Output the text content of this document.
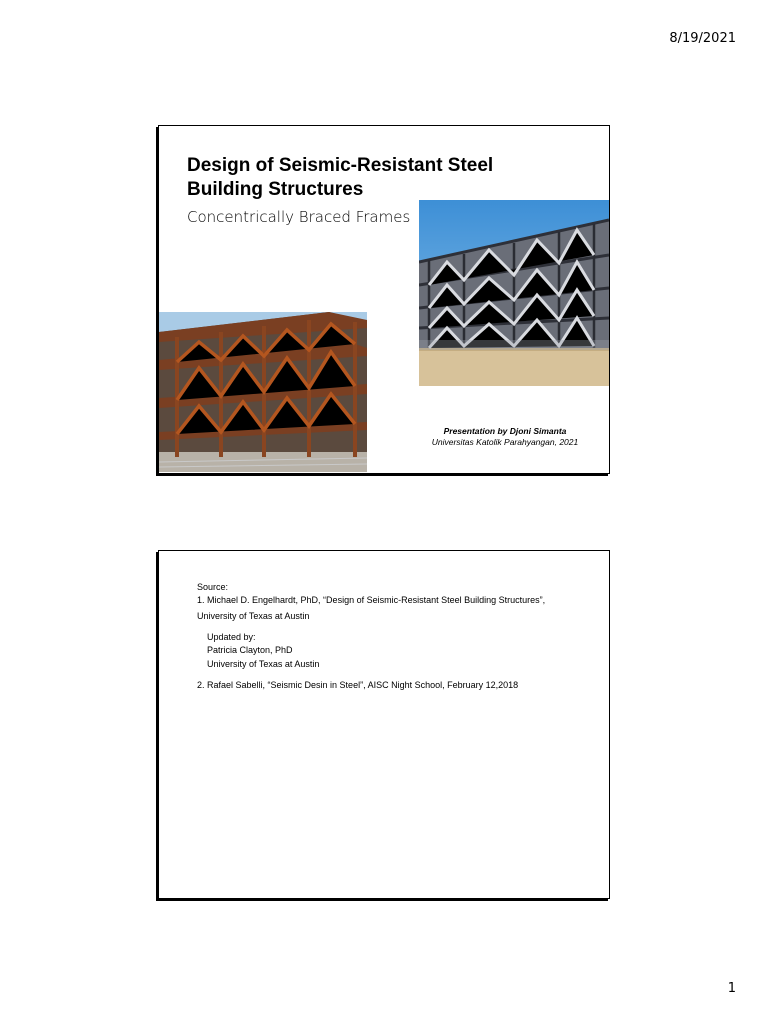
8/19/2021
Design of Seismic-Resistant Steel
Building Structures
Concentrically Braced Frames
Presentation by Djoni Simanta
Universitas Katolik Parahyangan, 2021
Source:
1. Michael D. Engelhardt, PhD, “Design of Seismic-Resistant Steel Building Structures”,
University of Texas at Austin
Updated by:
Patricia Clayton, PhD
University of Texas at Austin
2. Rafael Sabelli, “Seismic Desin in Steel”, AISC Night School, February 12,2018
1
